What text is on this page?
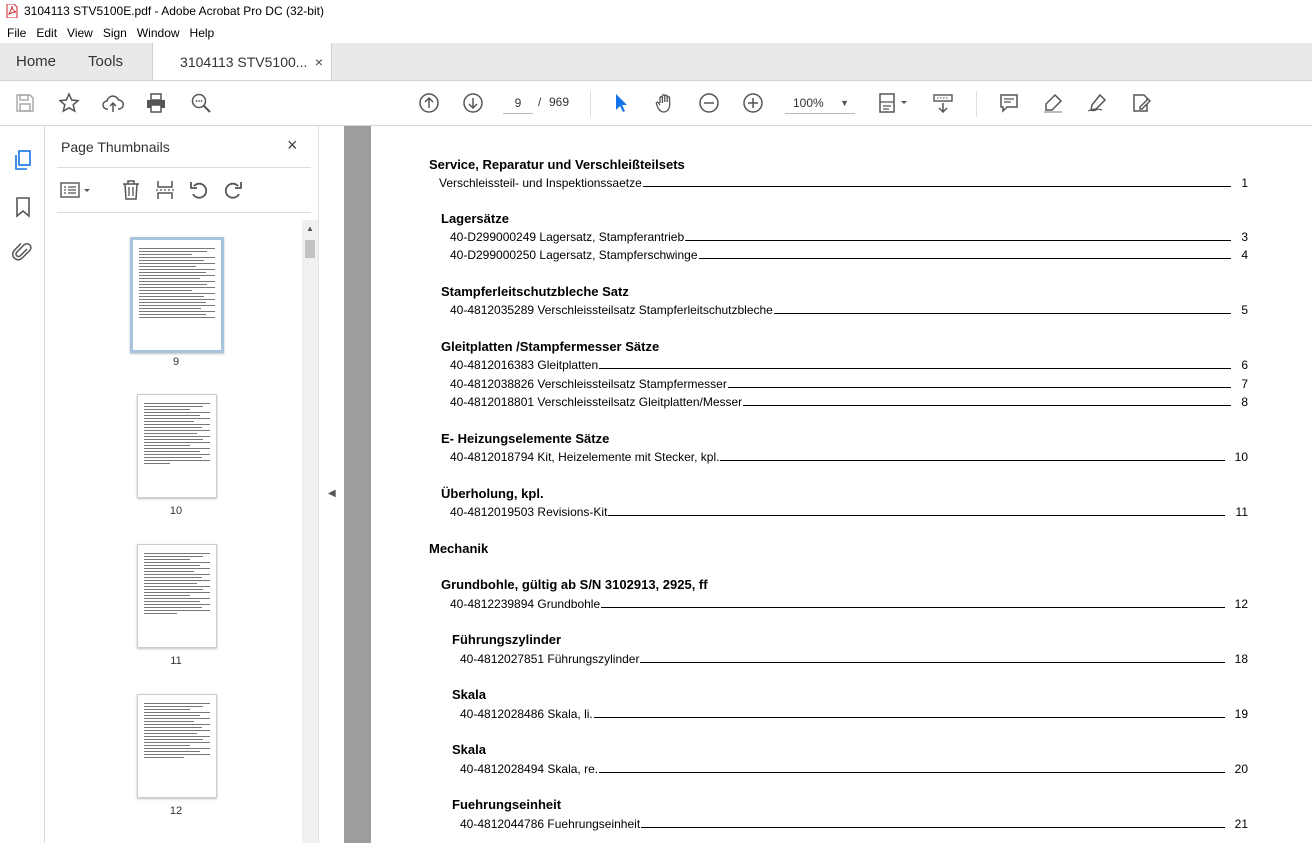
3104113 STV5100E.pdf - Adobe Acrobat Pro DC (32-bit)
File Edit View Sign Window Help
Home	Tools	3104113 STV5100... ×
9	/ 969	100% ▼
Page Thumbnails	×
9
10
11
12
▲
◀
Service, Reparatur und Verschleißteilsets
Verschleissteil- und Inspektionssaetze	1
Lagersätze
40-D299000249 Lagersatz, Stampferantrieb	3
40-D299000250 Lagersatz, Stampferschwinge	4
Stampferleitschutzbleche Satz
40-4812035289 Verschleissteilsatz Stampferleitschutzbleche	5
Gleitplatten /Stampfermesser Sätze
40-4812016383 Gleitplatten	6
40-4812038826 Verschleissteilsatz Stampfermesser	7
40-4812018801 Verschleissteilsatz Gleitplatten/Messer	8
E- Heizungselemente Sätze
40-4812018794 Kit, Heizelemente mit Stecker, kpl.	10
Überholung, kpl.
40-4812019503 Revisions-Kit	11
Mechanik
Grundbohle, gültig ab S/N 3102913, 2925, ff
40-4812239894 Grundbohle	12
Führungszylinder
40-4812027851 Führungszylinder	18
Skala
40-4812028486 Skala, li.	19
Skala
40-4812028494 Skala, re.	20
Fuehrungseinheit
40-4812044786 Fuehrungseinheit	21
